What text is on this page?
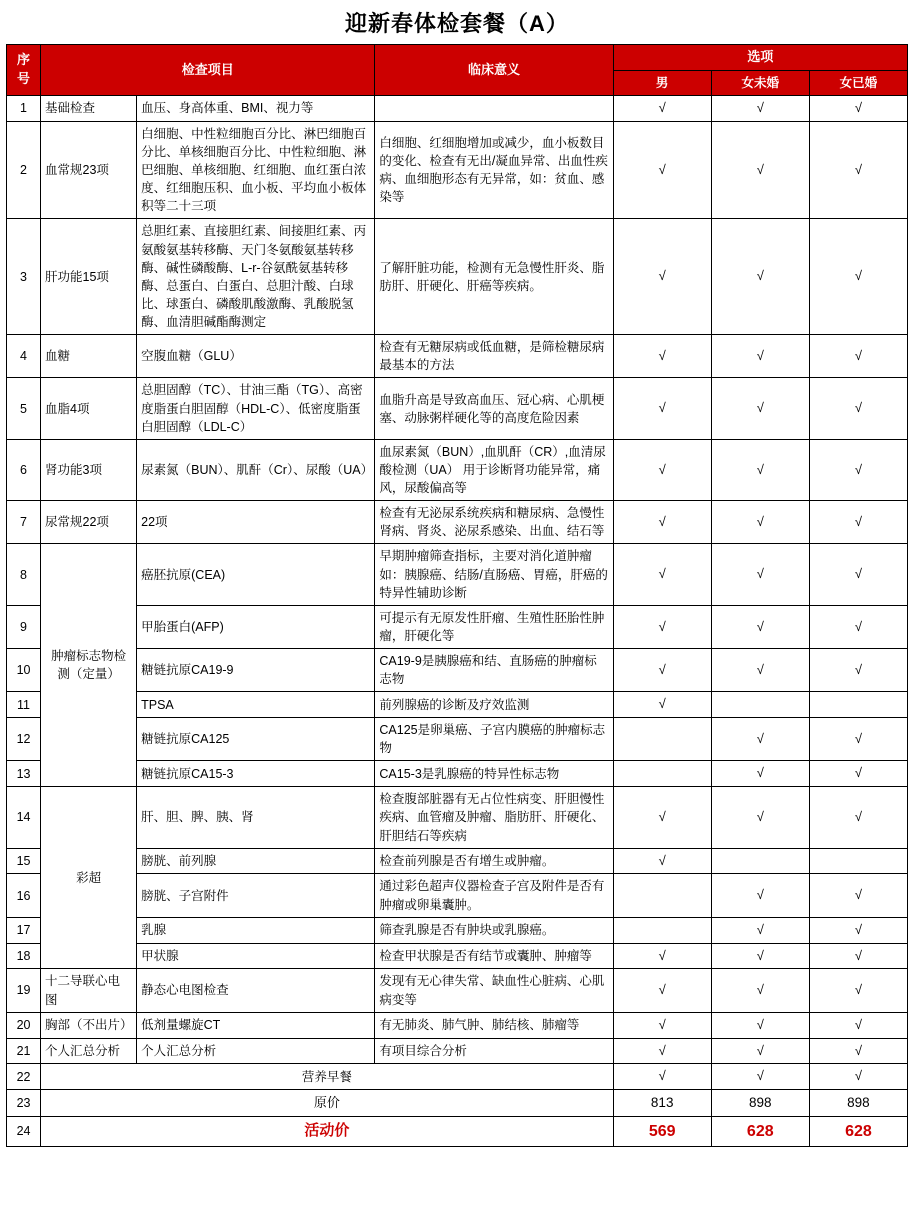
迎新春体检套餐（A）
序号	检查项目		临床意义	选项		
				男	女未婚	女已婚
1	基础检查	血压、身高体重、BMI、视力等		√	√	√
2	血常规23项	白细胞、中性粒细胞百分比、淋巴细胞百分比、单核细胞百分比、中性粒细胞、淋巴细胞、单核细胞、红细胞、血红蛋白浓度、红细胞压积、血小板、平均血小板体积等二十三项	白细胞、红细胞增加或减少，血小板数目的变化、检查有无出/凝血异常、出血性疾病、血细胞形态有无异常，如：贫血、感染等	√	√	√
3	肝功能15项	总胆红素、直接胆红素、间接胆红素、丙氨酸氨基转移酶、天门冬氨酸氨基转移酶、碱性磷酸酶、L-r-谷氨酰氨基转移酶、总蛋白、白蛋白、总胆汁酸、白球比、球蛋白、磷酸肌酸激酶、乳酸脱氢酶、血清胆碱酯酶测定	了解肝脏功能，检测有无急慢性肝炎、脂肪肝、肝硬化、肝癌等疾病。	√	√	√
4	血糖	空腹血糖（GLU）	检查有无糖尿病或低血糖，是筛检糖尿病最基本的方法	√	√	√
5	血脂4项	总胆固醇（TC）、甘油三酯（TG）、高密度脂蛋白胆固醇（HDL-C）、低密度脂蛋白胆固醇（LDL-C）	血脂升高是导致高血压、冠心病、心肌梗塞、动脉粥样硬化等的高度危险因素	√	√	√
6	肾功能3项	尿素氮（BUN）、肌酐（Cr）、尿酸（UA）	血尿素氮（BUN）,血肌酐（CR）,血清尿酸检测（UA） 用于诊断肾功能异常，痛风，尿酸偏高等	√	√	√
7	尿常规22项	22项	检查有无泌尿系统疾病和糖尿病、急慢性肾病、肾炎、泌尿系感染、出血、结石等	√	√	√
8	肿瘤标志物检测（定量）	癌胚抗原(CEA)	早期肿瘤筛查指标，主要对消化道肿瘤如：胰腺癌、结肠/直肠癌、胃癌，肝癌的特异性辅助诊断	√	√	√
9		甲胎蛋白(AFP)	可提示有无原发性肝瘤、生殖性胚胎性肿瘤，肝硬化等	√	√	√
10		糖链抗原CA19-9	CA19-9是胰腺癌和结、直肠癌的肿瘤标志物	√	√	√
11		TPSA	前列腺癌的诊断及疗效监测	√		
12		糖链抗原CA125	CA125是卵巢癌、子宫内膜癌的肿瘤标志物		√	√
13		糖链抗原CA15-3	CA15-3是乳腺癌的特异性标志物		√	√
14	彩超	肝、胆、脾、胰、肾	检查腹部脏器有无占位性病变、肝胆慢性疾病、血管瘤及肿瘤、脂肪肝、肝硬化、肝胆结石等疾病	√	√	√
15		膀胱、前列腺	检查前列腺是否有增生或肿瘤。	√		
16		膀胱、子宫附件	通过彩色超声仪器检查子宫及附件是否有肿瘤或卵巢囊肿。		√	√
17		乳腺	筛查乳腺是否有肿块或乳腺癌。		√	√
18		甲状腺	检查甲状腺是否有结节或囊肿、肿瘤等	√	√	√
19	十二导联心电图	静态心电图检查	发现有无心律失常、缺血性心脏病、心肌病变等	√	√	√
20	胸部（不出片）	低剂量螺旋CT	有无肺炎、肺气肿、肺结核、肺瘤等	√	√	√
21	个人汇总分析	个人汇总分析	有项目综合分析	√	√	√
22	营养早餐			√	√	√
23	原价			813	898	898
24	活动价			569	628	628
